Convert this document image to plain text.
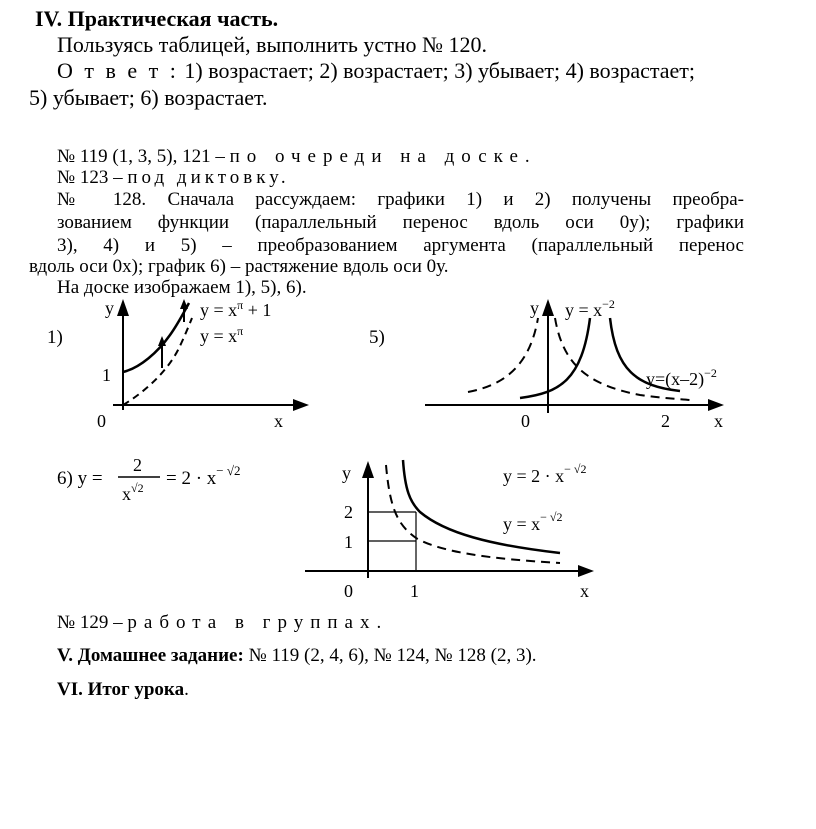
IV. Практическая часть.
Пользуясь таблицей, выполнить устно № 120.
О т в е т : 1) возрастает; 2) возрастает; 3) убывает; 4) возрастает;
5) убывает; 6) возрастает.
№ 119 (1, 3, 5), 121 – по очереди на доске.
№ 123 – под диктовку.
№ 128. Сначала рассуждаем: графики 1) и 2) получены преобра-
зованием функции (параллельный перенос вдоль оси 0у); графики
3), 4) и 5) – преобразованием аргумента (параллельный перенос
вдоль оси 0х); график 6) – растяжение вдоль оси 0у.
На доске изображаем 1), 5), 6).
1)
y
x
0
1
$y = x^\pi + 1$
$y = x^\pi$	5)
y
x
0	2
$y = x^{-2}$
$y=(x-2)^{-2}$
6) y =
2
$x^{√2} = 2 \cdot x^{- √2}$	y
x
0	1
2
1
$y = 2 \cdot x^{- √2}$
$y = x^{- √2}$
№ 129 – работа в группах.
V. Домашнее задание: № 119 (2, 4, 6), № 124, № 128 (2, 3).
VI. Итог урока.
